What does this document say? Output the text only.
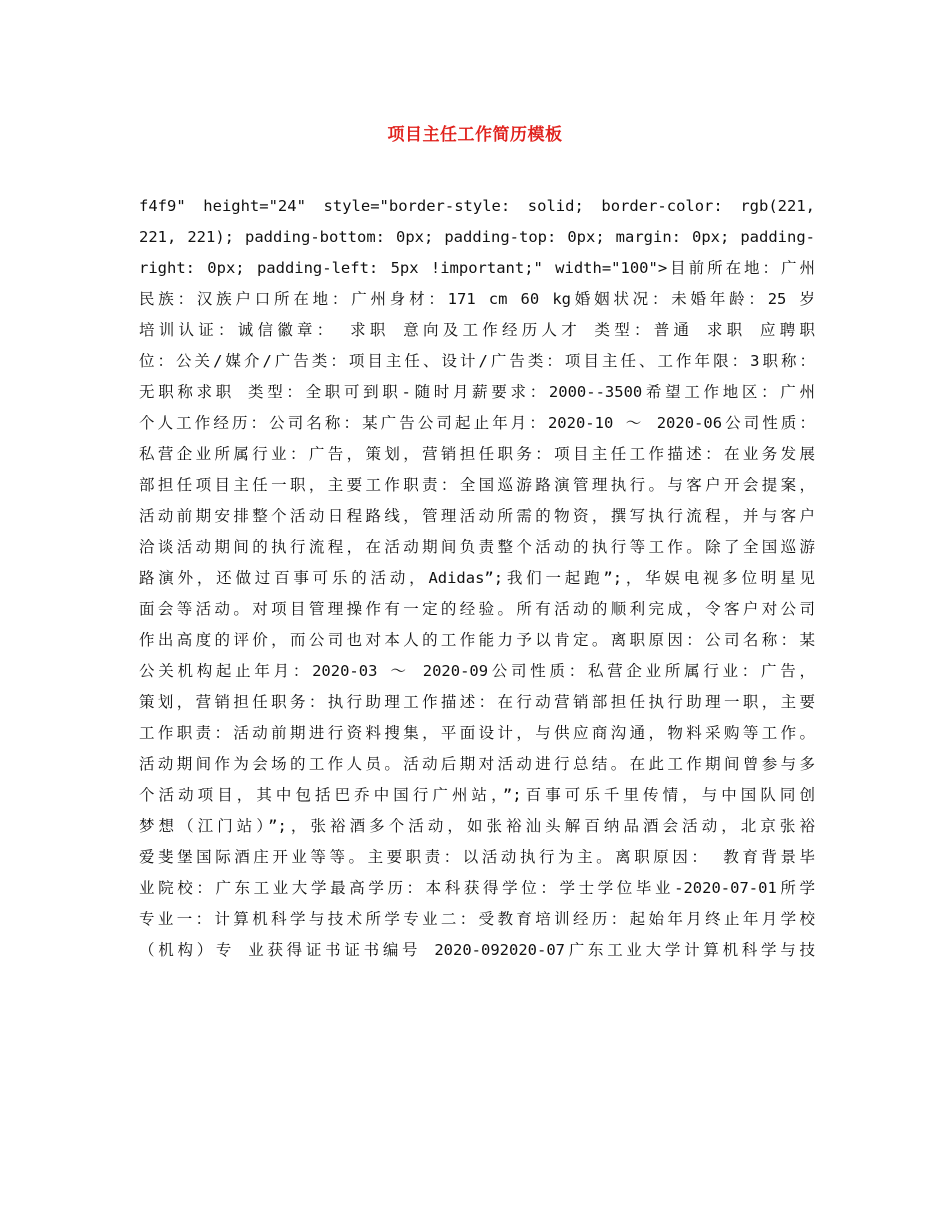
项目主任工作简历模板
f4f9" height="24" style="border-style: solid; border-color: rgb(221,
221, 221); padding-bottom: 0px; padding-top: 0px; margin: 0px; padding-
right: 0px; padding-left: 5px !important;" width="100">目前所在地：广州
民族：汉族户口所在地：广州身材：171 cm 60 kg婚姻状况：未婚年龄：25 岁
培训认证：诚信徽章： 求职 意向及工作经历人才 类型：普通 求职 应聘职
位：公关/媒介/广告类：项目主任、设计/广告类：项目主任、工作年限：3职称：
无职称求职 类型：全职可到职-随时月薪要求：2000--3500希望工作地区：广州
个人工作经历：公司名称：某广告公司起止年月：2020-10 ～ 2020-06公司性质：
私营企业所属行业：广告，策划，营销担任职务：项目主任工作描述：在业务发展
部担任项目主任一职，主要工作职责：全国巡游路演管理执行。与客户开会提案，
活动前期安排整个活动日程路线，管理活动所需的物资，撰写执行流程，并与客户
洽谈活动期间的执行流程，在活动期间负责整个活动的执行等工作。除了全国巡游
路演外，还做过百事可乐的活动，Adidas”;我们一起跑”;，华娱电视多位明星见
面会等活动。对项目管理操作有一定的经验。所有活动的顺利完成，令客户对公司
作出高度的评价，而公司也对本人的工作能力予以肯定。离职原因：公司名称：某
公关机构起止年月：2020-03 ～ 2020-09公司性质：私营企业所属行业：广告，
策划，营销担任职务：执行助理工作描述：在行动营销部担任执行助理一职，主要
工作职责：活动前期进行资料搜集，平面设计，与供应商沟通，物料采购等工作。
活动期间作为会场的工作人员。活动后期对活动进行总结。在此工作期间曾参与多
个活动项目，其中包括巴乔中国行广州站，”;百事可乐千里传情，与中国队同创
梦想（江门站）”;，张裕酒多个活动，如张裕汕头解百纳品酒会活动，北京张裕
爱斐堡国际酒庄开业等等。主要职责：以活动执行为主。离职原因： 教育背景毕
业院校：广东工业大学最高学历：本科获得学位：学士学位毕业-2020-07-01所学
专业一：计算机科学与技术所学专业二：受教育培训经历：起始年月终止年月学校
（机构）专 业获得证书证书编号 2020-092020-07广东工业大学计算机科学与技
